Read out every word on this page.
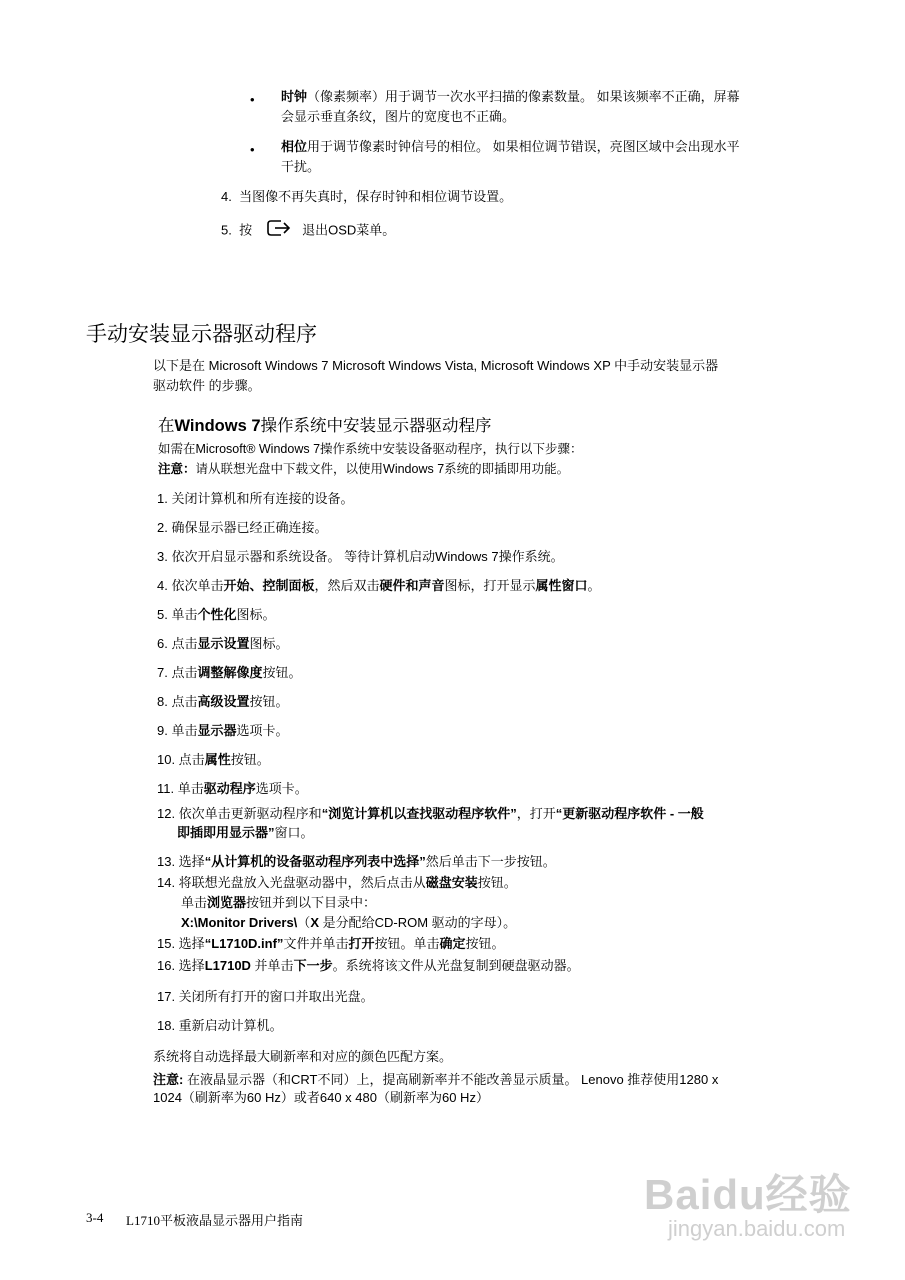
• 时钟（像素频率）用于调节一次水平扫描的像素数量。 如果该频率不正确，屏幕
会显示垂直条纹，图片的宽度也不正确。
• 相位用于调节像素时钟信号的相位。 如果相位调节错误，亮图区域中会出现水平
干扰。
4. 当图像不再失真时，保存时钟和相位调节设置。
5. 按	退出OSD菜单。
手动安装显示器驱动程序
以下是在 Microsoft Windows 7 Microsoft Windows Vista, Microsoft Windows XP 中手动安装显示器
驱动软件 的步骤。
在Windows 7操作系统中安装显示器驱动程序
如需在Microsoft® Windows 7操作系统中安装设备驱动程序，执行以下步骤：
注意：请从联想光盘中下载文件，以使用Windows 7系统的即插即用功能。
1. 关闭计算机和所有连接的设备。
2. 确保显示器已经正确连接。
3. 依次开启显示器和系统设备。 等待计算机启动Windows 7操作系统。
4. 依次单击开始、控制面板，然后双击硬件和声音图标，打开显示属性窗口。
5. 单击个性化图标。
6. 点击显示设置图标。
7. 点击调整解像度按钮。
8. 点击高级设置按钮。
9. 单击显示器选项卡。
10. 点击属性按钮。
11. 单击驱动程序选项卡。
12. 依次单击更新驱动程序和“浏览计算机以查找驱动程序软件”，打开“更新驱动程序软件 - 一般
即插即用显示器”窗口。
13. 选择“从计算机的设备驱动程序列表中选择”然后单击下一步按钮。
14. 将联想光盘放入光盘驱动器中，然后点击从磁盘安装按钮。
单击浏览器按钮并到以下目录中：
X:\Monitor Drivers\（X 是分配给CD-ROM 驱动的字母）。
15. 选择“L1710D.inf”文件并单击打开按钮。单击确定按钮。
16. 选择L1710D 并单击下一步。系统将该文件从光盘复制到硬盘驱动器。
17. 关闭所有打开的窗口并取出光盘。
18. 重新启动计算机。
系统将自动选择最大刷新率和对应的颜色匹配方案。
注意: 在液晶显示器（和CRT不同）上，提高刷新率并不能改善显示质量。 Lenovo 推荐使用1280 x
1024（刷新率为60 Hz）或者640 x 480（刷新率为60 Hz）
3-4 L1710平板液晶显示器用户指南
Baidu经验
jingyan.baidu.com
